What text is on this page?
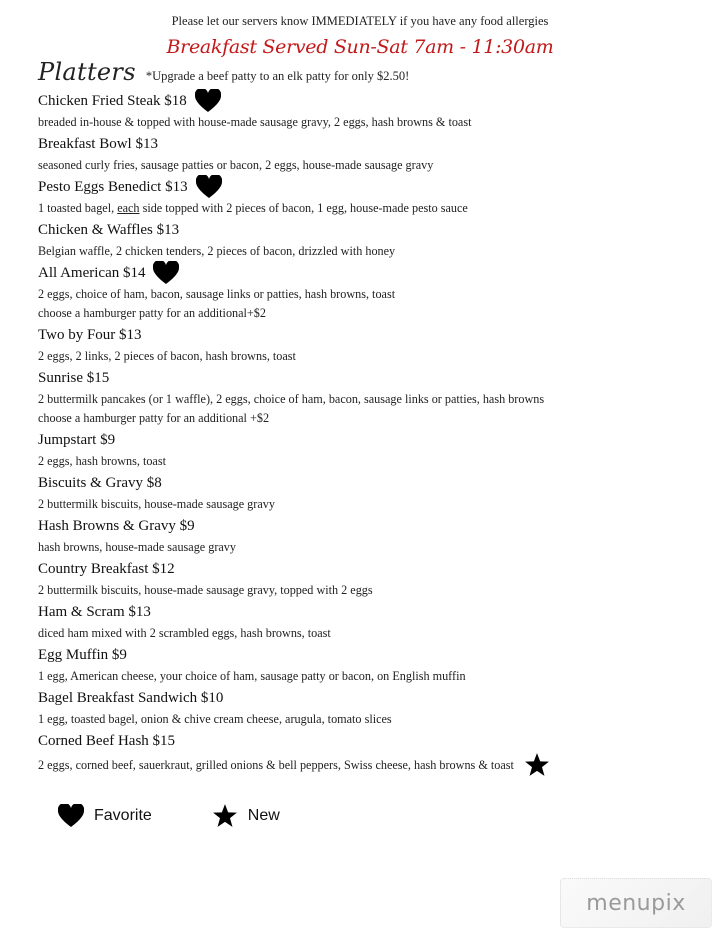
Please let our servers know IMMEDIATELY if you have any food allergies
Breakfast Served Sun-Sat 7am - 11:30am
Platters *Upgrade a beef patty to an elk patty for only $2.50!
Chicken Fried Steak $18
breaded in-house & topped with house-made sausage gravy, 2 eggs, hash browns & toast
Breakfast Bowl $13
seasoned curly fries, sausage patties or bacon, 2 eggs, house-made sausage gravy
Pesto Eggs Benedict $13
1 toasted bagel, each side topped with 2 pieces of bacon, 1 egg, house-made pesto sauce
Chicken & Waffles $13
Belgian waffle, 2 chicken tenders, 2 pieces of bacon, drizzled with honey
All American $14
2 eggs, choice of ham, bacon, sausage links or patties, hash browns, toast
choose a hamburger patty for an additional+$2
Two by Four $13
2 eggs, 2 links, 2 pieces of bacon, hash browns, toast
Sunrise $15
2 buttermilk pancakes (or 1 waffle), 2 eggs, choice of ham, bacon, sausage links or patties, hash browns
choose a hamburger patty for an additional +$2
Jumpstart $9
2 eggs, hash browns, toast
Biscuits & Gravy $8
2 buttermilk biscuits, house-made sausage gravy
Hash Browns & Gravy $9
hash browns, house-made sausage gravy
Country Breakfast $12
2 buttermilk biscuits, house-made sausage gravy, topped with 2 eggs
Ham & Scram $13
diced ham mixed with 2 scrambled eggs, hash browns, toast
Egg Muffin $9
1 egg, American cheese, your choice of ham, sausage patty or bacon, on English muffin
Bagel Breakfast Sandwich $10
1 egg, toasted bagel, onion & chive cream cheese, arugula, tomato slices
Corned Beef Hash $15
2 eggs, corned beef, sauerkraut, grilled onions & bell peppers, Swiss cheese, hash browns & toast
Favorite	New
menupix
